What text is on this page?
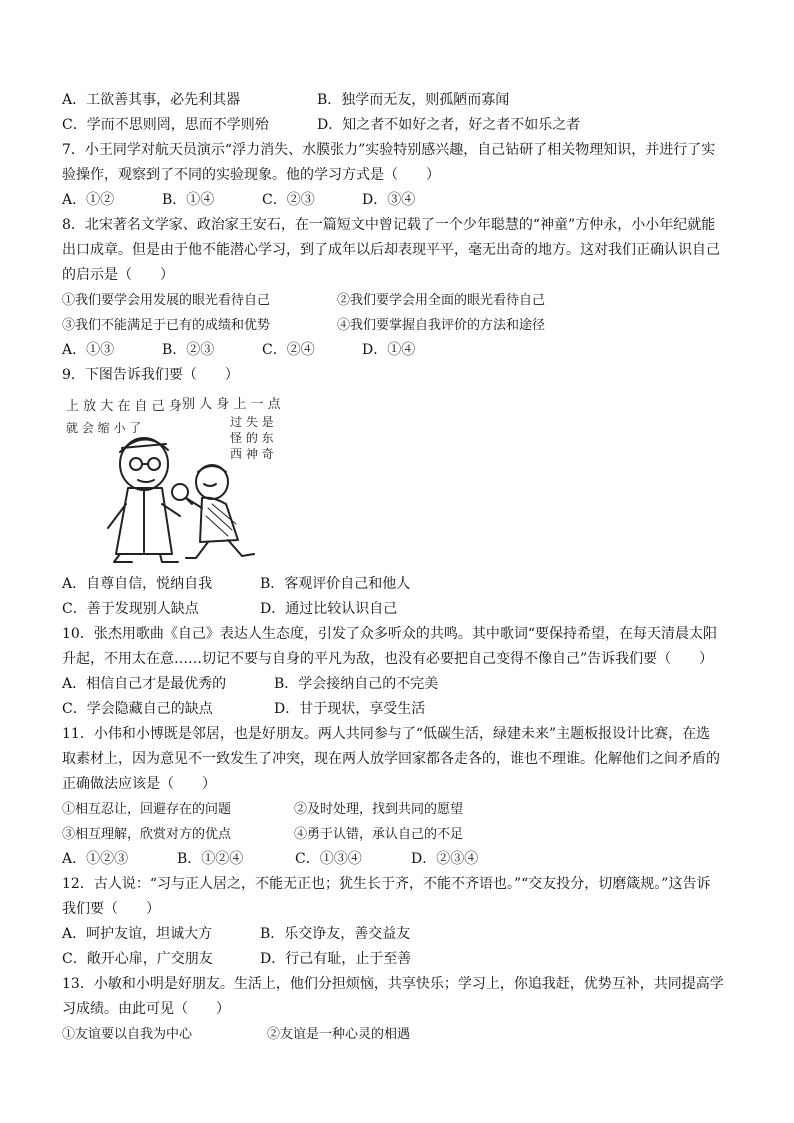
A．工欲善其事，必先利其器	B．独学而无友，则孤陋而寡闻
C．学而不思则罔，思而不学则殆	D．知之者不如好之者，好之者不如乐之者
7．小王同学对航天员演示“浮力消失、水膜张力”实验特别感兴趣，自己钻研了相关物理知识，并进行了实
验操作，观察到了不同的实验现象。他的学习方式是（　　）
A．①②	B．①④	C．②③	D．③④
8．北宋著名文学家、政治家王安石，在一篇短文中曾记载了一个少年聪慧的“神童”方仲永，小小年纪就能
出口成章。但是由于他不能潜心学习，到了成年以后却表现平平，毫无出奇的地方。这对我们正确认识自己
的启示是（　　）
①我们要学会用发展的眼光看待自己	②我们要学会用全面的眼光看待自己
③我们不能满足于已有的成绩和优势	④我们要掌握自我评价的方法和途径
A．①③	B．②③	C．②④	D．①④
9．下图告诉我们要（　　）
上 放 大 在 自 己 身
就 会 缩 小 了
别 人 身 上 一 点
过 失 是
怪 的 东
西 神 奇
A．自尊自信，悦纳自我	B．客观评价自己和他人
C．善于发现别人缺点	D．通过比较认识自己
10．张杰用歌曲《自己》表达人生态度，引发了众多听众的共鸣。其中歌词“要保持希望，在每天清晨太阳
升起，不用太在意……切记不要与自身的平凡为敌，也没有必要把自己变得不像自己”告诉我们要（　　）
A．相信自己才是最优秀的	B．学会接纳自己的不完美
C．学会隐藏自己的缺点	D．甘于现状，享受生活
11．小伟和小博既是邻居，也是好朋友。两人共同参与了“低碳生活，绿建未来”主题板报设计比赛，在选
取素材上，因为意见不一致发生了冲突，现在两人放学回家都各走各的，谁也不理谁。化解他们之间矛盾的
正确做法应该是（　　）
①相互忍让，回避存在的问题	②及时处理，找到共同的愿望
③相互理解，欣赏对方的优点	④勇于认错，承认自己的不足
A．①②③	B．①②④	C．①③④	D．②③④
12．古人说：“习与正人居之，不能无正也；犹生长于齐，不能不齐语也。”“交友投分，切磨箴规。”这告诉
我们要（　　）
A．呵护友谊，坦诚大方	B．乐交诤友，善交益友
C．敞开心扉，广交朋友	D．行己有耻，止于至善
13．小敏和小明是好朋友。生活上，他们分担烦恼，共享快乐；学习上，你追我赶，优势互补，共同提高学
习成绩。由此可见（　　）
①友谊要以自我为中心	②友谊是一种心灵的相遇
